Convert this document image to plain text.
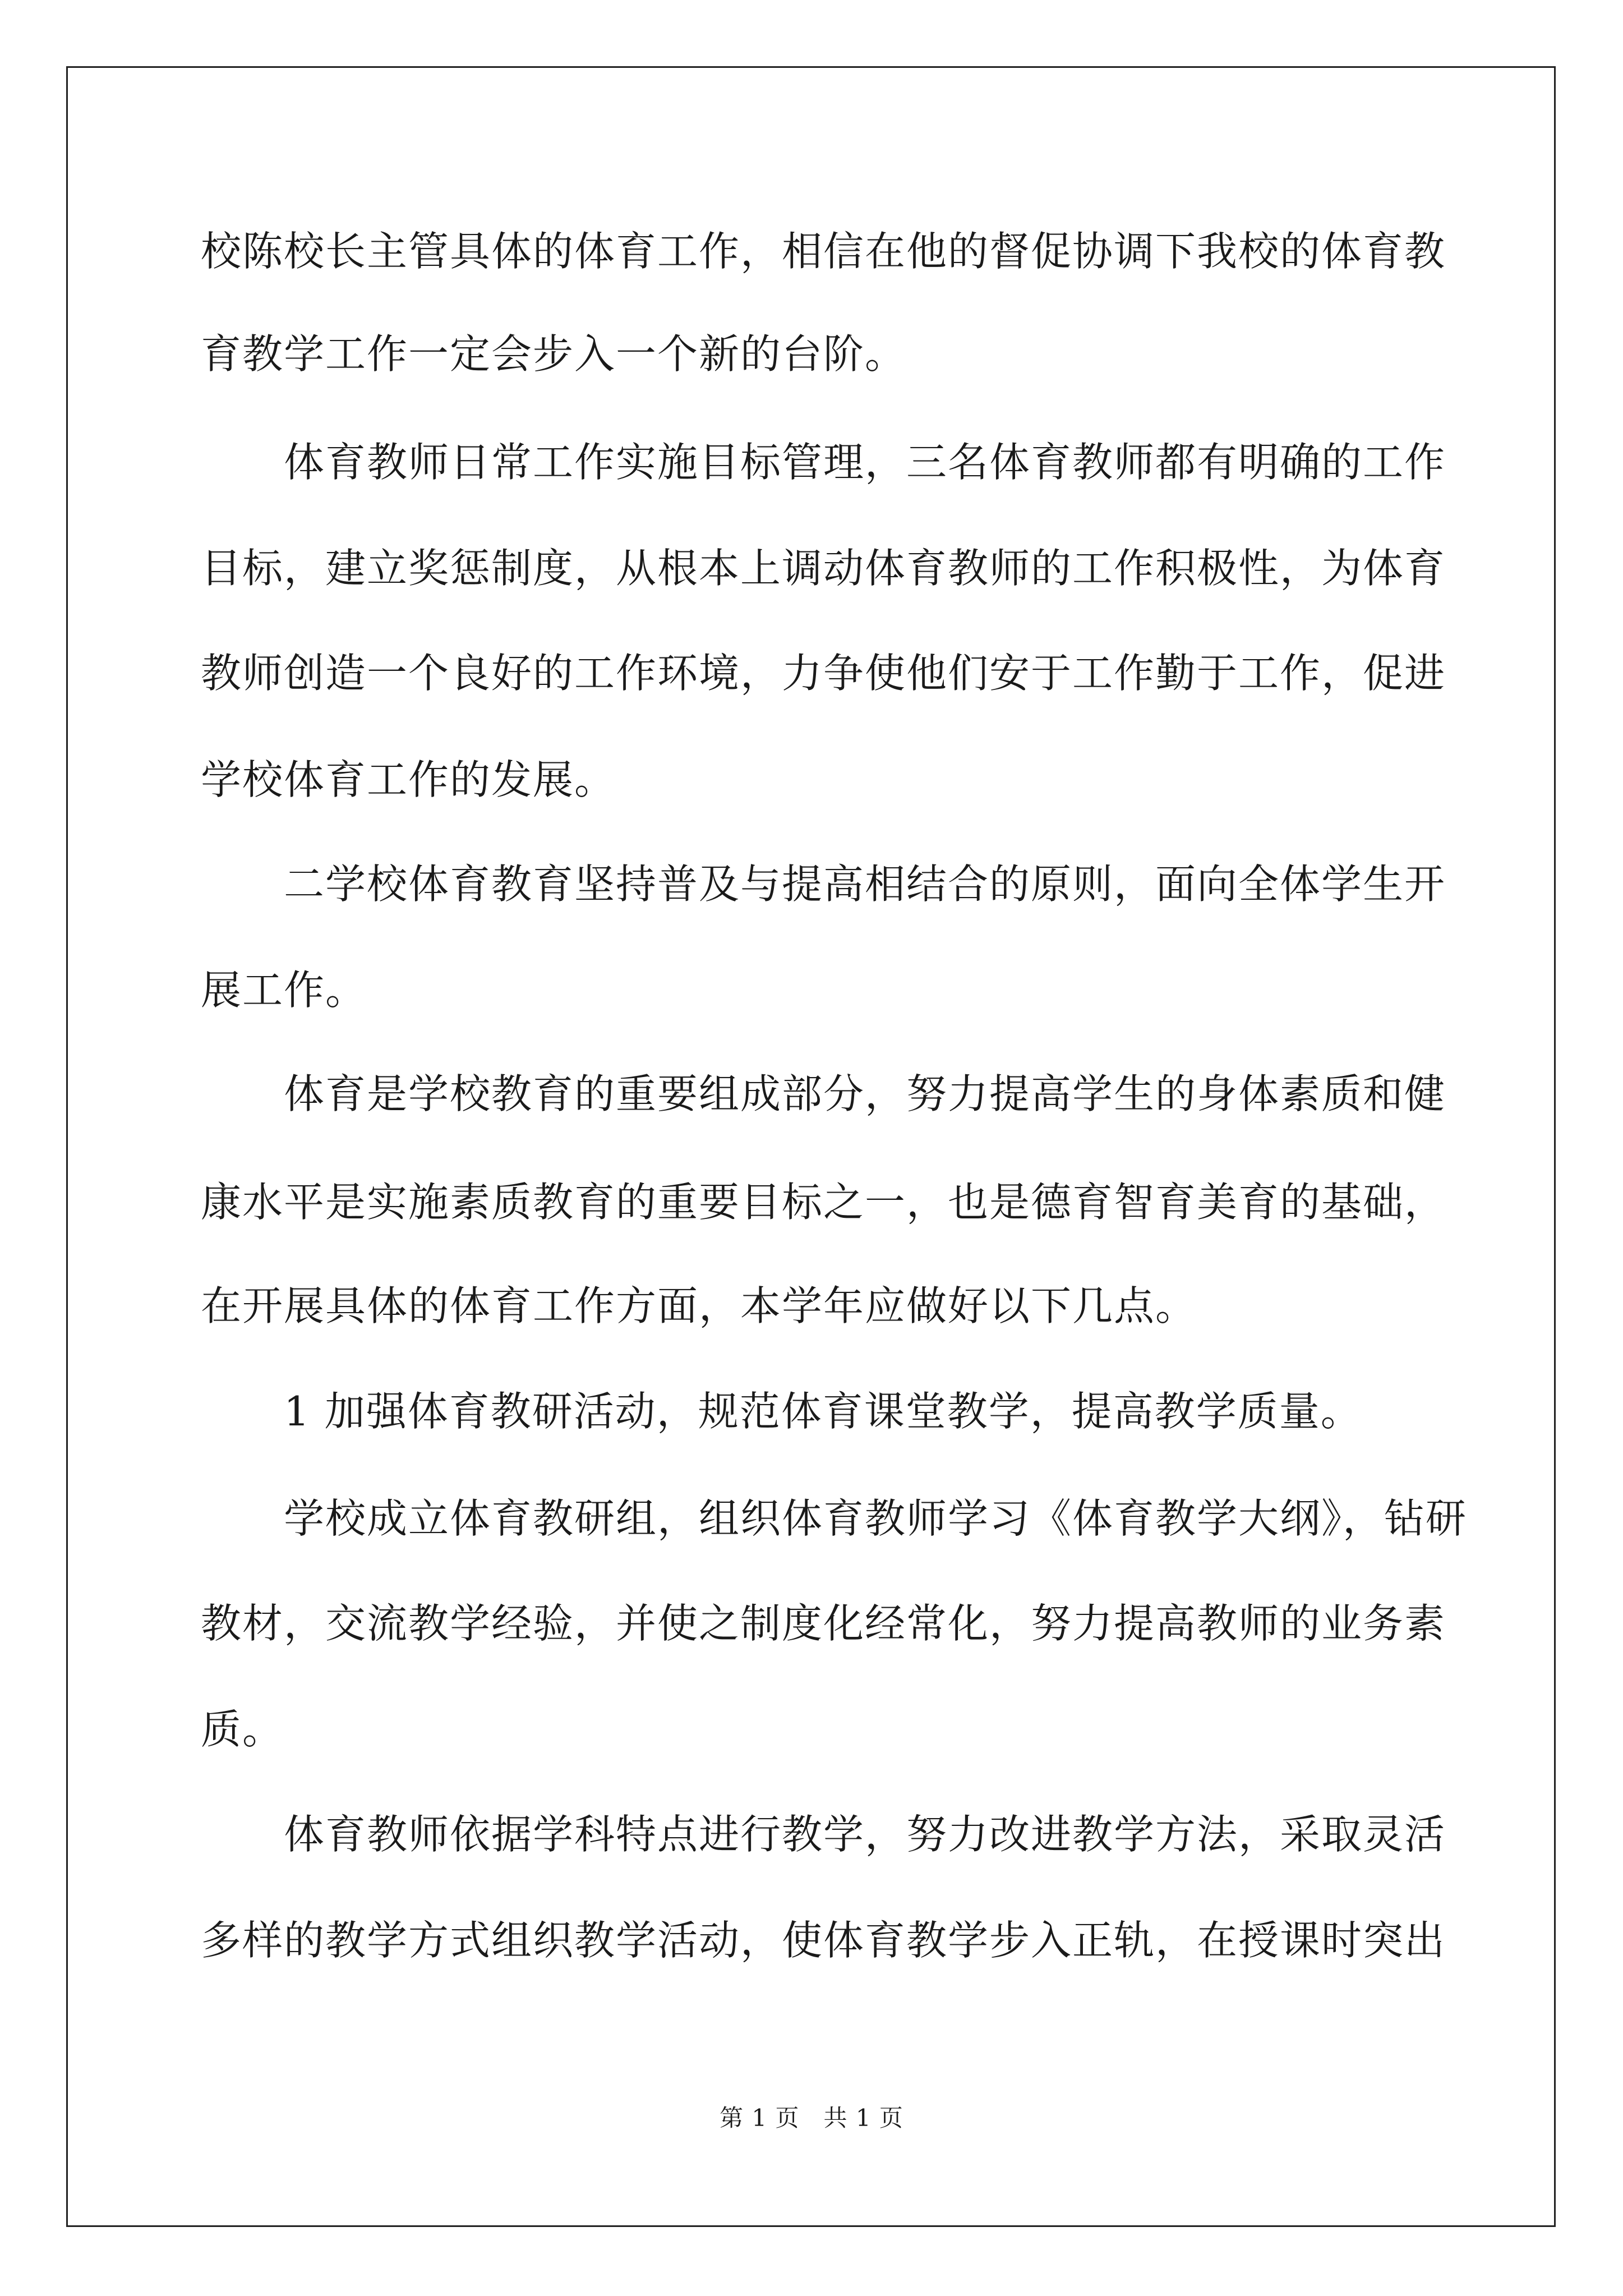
校陈校长主管具体的体育工作，相信在他的督促协调下我校的体育教

育教学工作一定会步入一个新的台阶。

　　体育教师日常工作实施目标管理，三名体育教师都有明确的工作

目标，建立奖惩制度，从根本上调动体育教师的工作积极性，为体育

教师创造一个良好的工作环境，力争使他们安于工作勤于工作，促进

学校体育工作的发展。

　　二学校体育教育坚持普及与提高相结合的原则，面向全体学生开

展工作。

　　体育是学校教育的重要组成部分，努力提高学生的身体素质和健

康水平是实施素质教育的重要目标之一，也是德育智育美育的基础，

在开展具体的体育工作方面，本学年应做好以下几点。

　　1 加强体育教研活动，规范体育课堂教学，提高教学质量。

　　学校成立体育教研组，组织体育教师学习《体育教学大纲》，钻研

教材，交流教学经验，并使之制度化经常化，努力提高教师的业务素

质。

　　体育教师依据学科特点进行教学，努力改进教学方法，采取灵活

多样的教学方式组织教学活动，使体育教学步入正轨，在授课时突出

第 1 页　共 1 页
